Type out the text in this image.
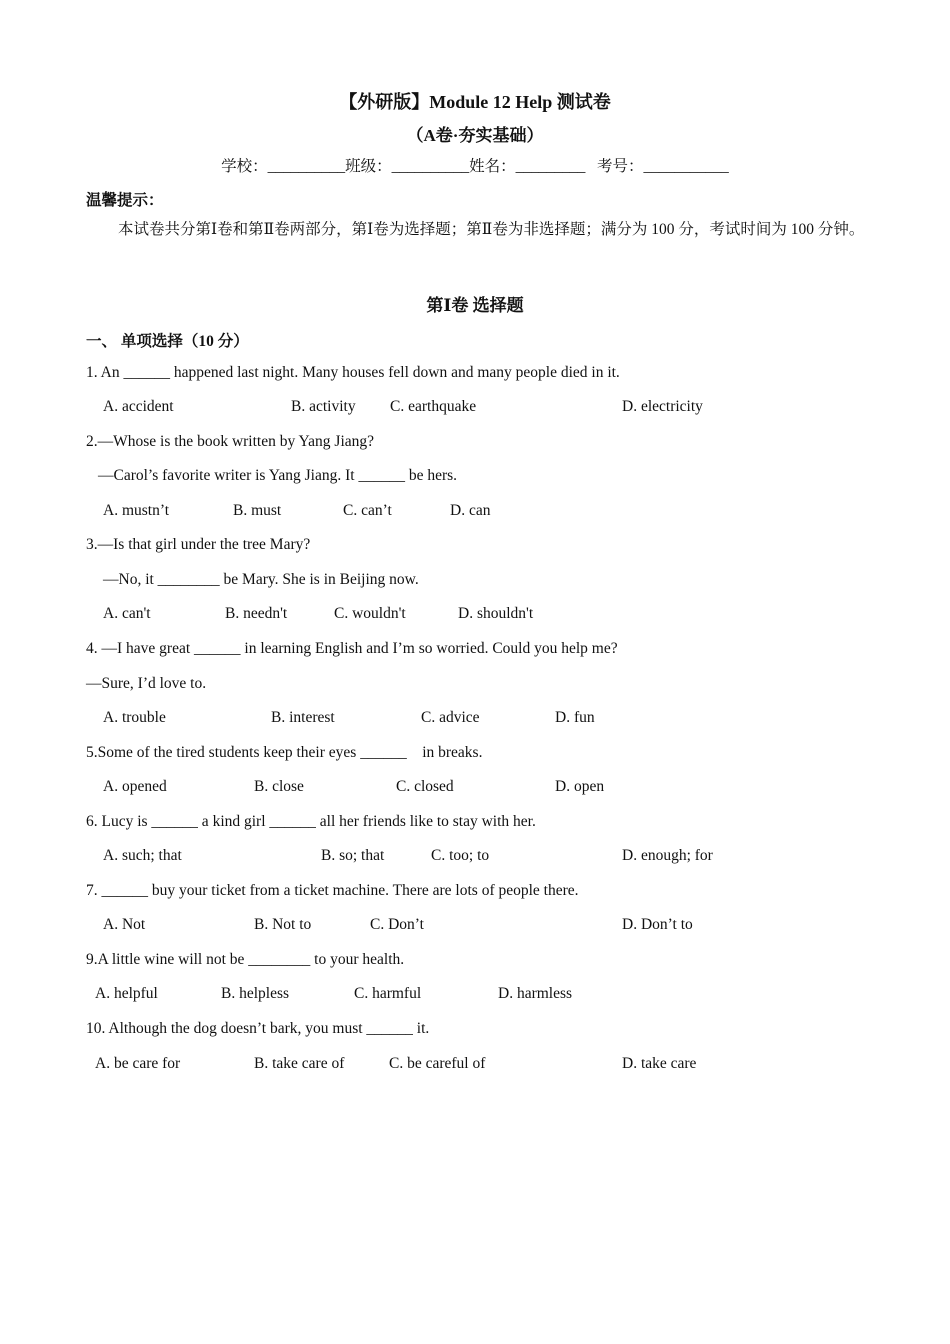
【外研版】Module 12 Help 测试卷
（A卷·夯实基础）
学校：__________班级：__________姓名：_________   考号：___________
温馨提示：
本试卷共分第Ⅰ卷和第Ⅱ卷两部分，第Ⅰ卷为选择题；第Ⅱ卷为非选择题；满分为 100 分，考试时间为 100 分钟。
第Ⅰ卷 选择题
一、 单项选择（10 分）
1. An ______ happened last night. Many houses fell down and many people died in it.
A. accident	B. activity C. earthquake	D. electricity
2.—Whose is the book written by Yang Jiang?
—Carol’s favorite writer is Yang Jiang. It ______ be hers.
A. mustn’t	B. must	C. can’t	D. can
3.—Is that girl under the tree Mary?
—No, it ________ be Mary. She is in Beijing now.
A. can't	B. needn't	C. wouldn't	D. shouldn't
4. —I have great ______ in learning English and I’m so worried. Could you help me?
—Sure, I’d love to.
A. trouble	B. interest	C. advice	D. fun
5.Some of the tired students keep their eyes ______    in breaks.
A. opened	B. close	C. closed	D. open
6. Lucy is ______ a kind girl ______ all her friends like to stay with her.
A. such; that	B. so; that	C. too; to	D. enough; for
7. ______ buy your ticket from a ticket machine. There are lots of people there.
A. Not	B. Not to	C. Don’t	D. Don’t to
9.A little wine will not be ________ to your health.
A. helpful	B. helpless	C. harmful	D. harmless
10. Although the dog doesn’t bark, you must ______ it.
A. be care for	B. take care of	C. be careful of	D. take care
